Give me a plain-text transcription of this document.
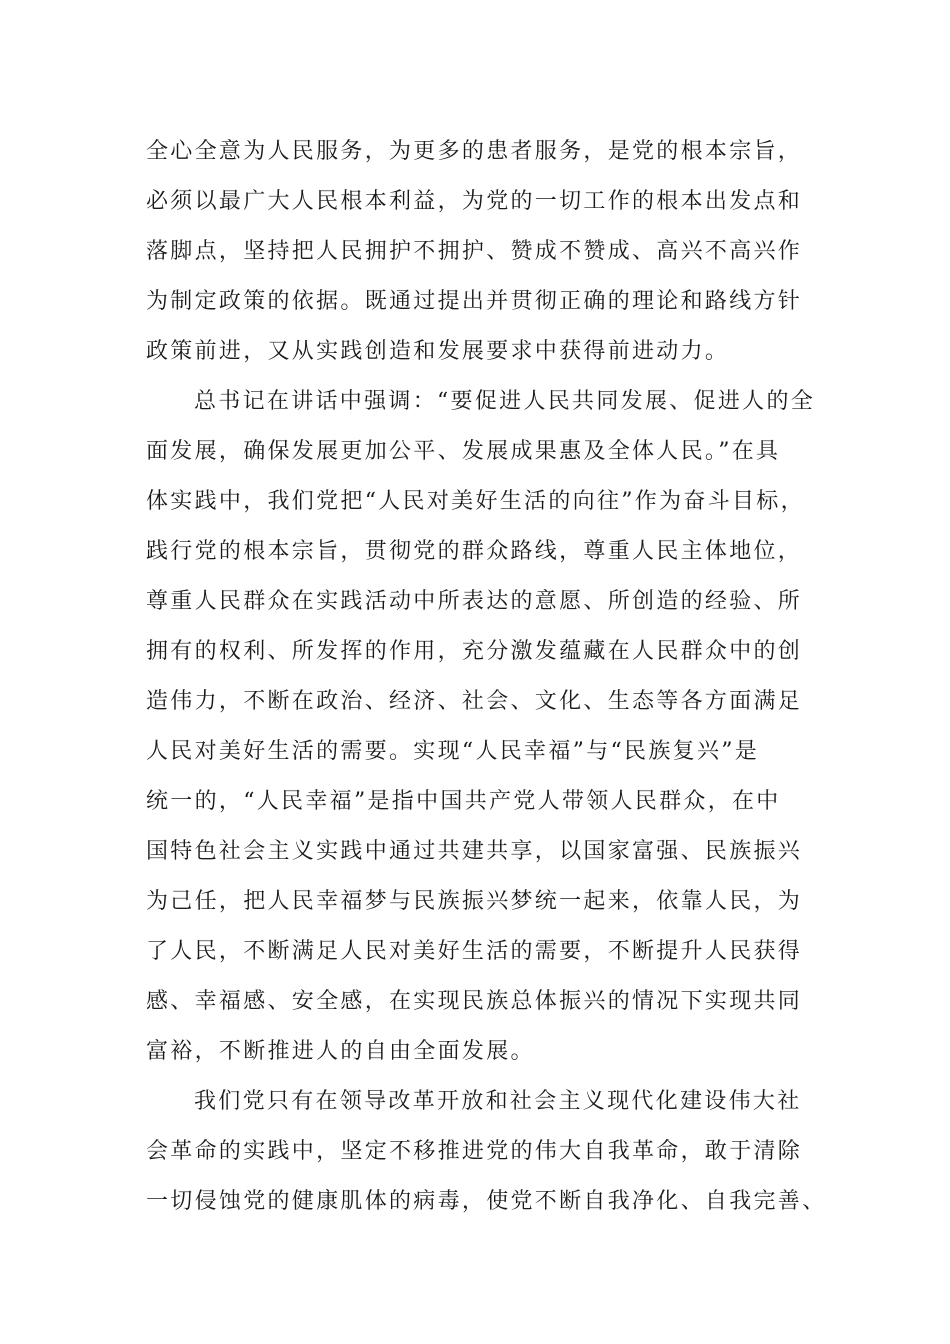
全心全意为人民服务，为更多的患者服务，是党的根本宗旨，
必须以最广大人民根本利益，为党的一切工作的根本出发点和
落脚点，坚持把人民拥护不拥护、赞成不赞成、高兴不高兴作
为制定政策的依据。既通过提出并贯彻正确的理论和路线方针
政策前进，又从实践创造和发展要求中获得前进动力。
总书记在讲话中强调：“要促进人民共同发展、促进人的全
面发展，确保发展更加公平、发展成果惠及全体人民。”在具
体实践中，我们党把“人民对美好生活的向往”作为奋斗目标，
践行党的根本宗旨，贯彻党的群众路线，尊重人民主体地位，
尊重人民群众在实践活动中所表达的意愿、所创造的经验、所
拥有的权利、所发挥的作用，充分激发蕴藏在人民群众中的创
造伟力，不断在政治、经济、社会、文化、生态等各方面满足
人民对美好生活的需要。实现“人民幸福”与“民族复兴”是
统一的，“人民幸福”是指中国共产党人带领人民群众，在中
国特色社会主义实践中通过共建共享，以国家富强、民族振兴
为己任，把人民幸福梦与民族振兴梦统一起来，依靠人民，为
了人民，不断满足人民对美好生活的需要，不断提升人民获得
感、幸福感、安全感，在实现民族总体振兴的情况下实现共同
富裕，不断推进人的自由全面发展。
我们党只有在领导改革开放和社会主义现代化建设伟大社
会革命的实践中，坚定不移推进党的伟大自我革命，敢于清除
一切侵蚀党的健康肌体的病毒，使党不断自我净化、自我完善、
